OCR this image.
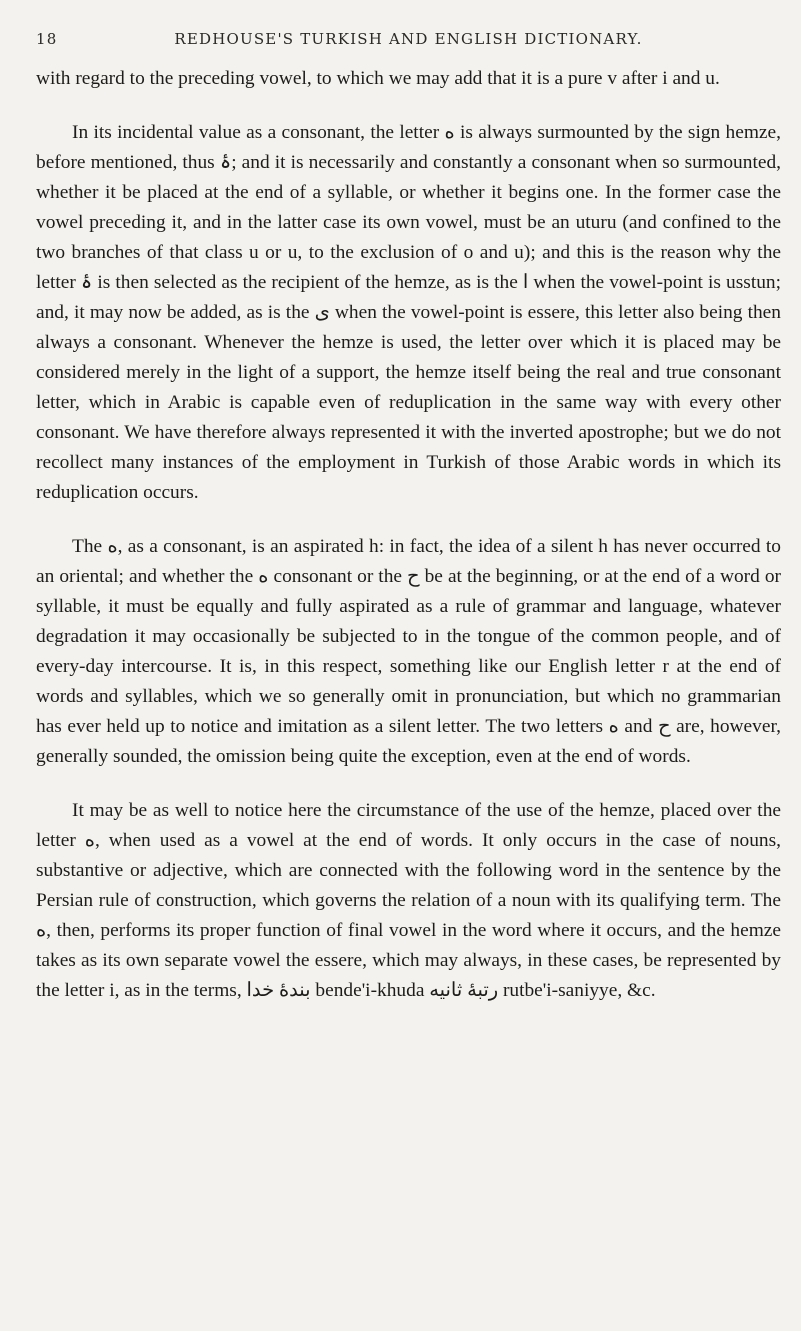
18	REDHOUSE'S TURKISH AND ENGLISH DICTIONARY.

with regard to the preceding vowel, to which we may add that it is a pure v after i and u.

In its incidental value as a consonant, the letter ه is always surmounted by the sign hemze, before mentioned, thus ۀ; and it is necessarily and constantly a consonant when so surmounted, whether it be placed at the end of a syllable, or whether it begins one. In the former case the vowel preceding it, and in the latter case its own vowel, must be an uturu (and confined to the two branches of that class u or u, to the exclusion of o and u); and this is the reason why the letter ۀ is then selected as the recipient of the hemze, as is the ا when the vowel-point is usstun; and, it may now be added, as is the ی when the vowel-point is essere, this letter also being then always a consonant. Whenever the hemze is used, the letter over which it is placed may be considered merely in the light of a support, the hemze itself being the real and true consonant letter, which in Arabic is capable even of reduplication in the same way with every other consonant. We have therefore always represented it with the inverted apostrophe; but we do not recollect many instances of the employment in Turkish of those Arabic words in which its reduplication occurs.

The ه, as a consonant, is an aspirated h: in fact, the idea of a silent h has never occurred to an oriental; and whether the ه consonant or the ح be at the beginning, or at the end of a word or syllable, it must be equally and fully aspirated as a rule of grammar and language, whatever degradation it may occasionally be subjected to in the tongue of the common people, and of every-day intercourse. It is, in this respect, something like our English letter r at the end of words and syllables, which we so generally omit in pronunciation, but which no grammarian has ever held up to notice and imitation as a silent letter. The two letters ه and ح are, however, generally sounded, the omission being quite the exception, even at the end of words.

It may be as well to notice here the circumstance of the use of the hemze, placed over the letter ه, when used as a vowel at the end of words. It only occurs in the case of nouns, substantive or adjective, which are connected with the following word in the sentence by the Persian rule of construction, which governs the relation of a noun with its qualifying term. The ه, then, performs its proper function of final vowel in the word where it occurs, and the hemze takes as its own separate vowel the essere, which may always, in these cases, be represented by the letter i, as in the terms, بندۀ خدا bende'i-khuda رتبۀ ثانیه rutbe'i-saniyye, &c.
